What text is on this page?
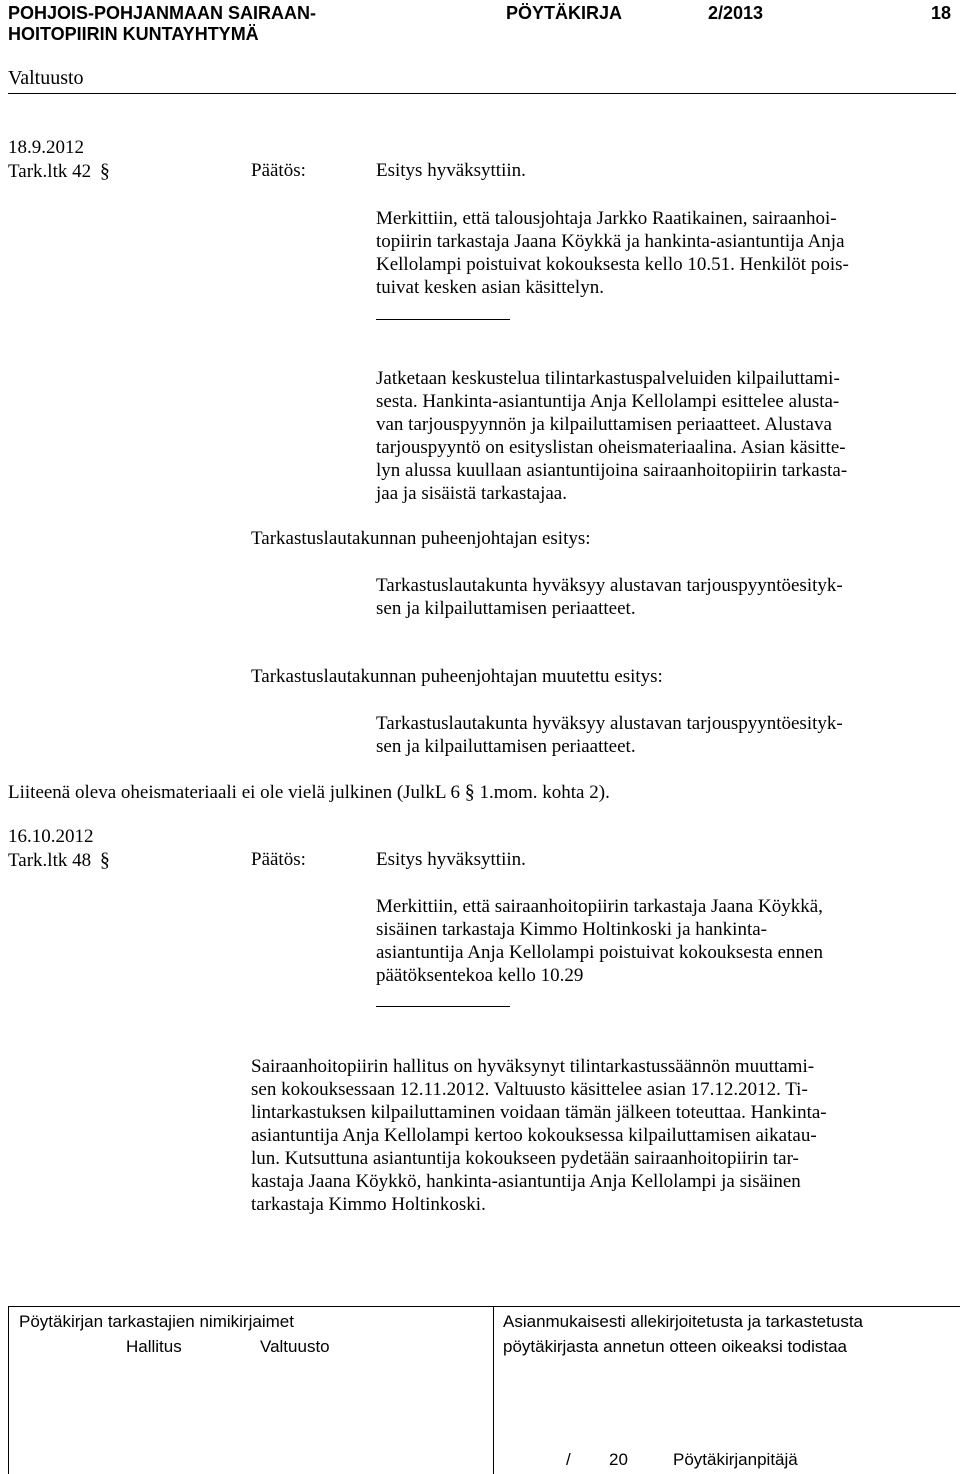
POHJOIS-POHJANMAAN SAIRAAN-
HOITOPIIRIN KUNTAYHTYMÄ
PÖYTÄKIRJA	2/2013	18
Valtuusto
18.9.2012
Tark.ltk 42 §	Päätös:	Esitys hyväksyttiin.
Merkittiin, että talousjohtaja Jarkko Raatikainen, sairaanhoi-
topiirin tarkastaja Jaana Köykkä ja hankinta-asiantuntija Anja
Kellolampi poistuivat kokouksesta kello 10.51. Henkilöt pois-
tuivat kesken asian käsittelyn.
Jatketaan keskustelua tilintarkastuspalveluiden kilpailuttami-
sesta. Hankinta-asiantuntija Anja Kellolampi esittelee alusta-
van tarjouspyynnön ja kilpailuttamisen periaatteet. Alustava
tarjouspyyntö on esityslistan oheismateriaalina. Asian käsitte-
lyn alussa kuullaan asiantuntijoina sairaanhoitopiirin tarkasta-
jaa ja sisäistä tarkastajaa.
Tarkastuslautakunnan puheenjohtajan esitys:
Tarkastuslautakunta hyväksyy alustavan tarjouspyyntöesityk-
sen ja kilpailuttamisen periaatteet.
Tarkastuslautakunnan puheenjohtajan muutettu esitys:
Tarkastuslautakunta hyväksyy alustavan tarjouspyyntöesityk-
sen ja kilpailuttamisen periaatteet.
Liiteenä oleva oheismateriaali ei ole vielä julkinen (JulkL 6 § 1.mom. kohta 2).
16.10.2012
Tark.ltk 48 §	Päätös:	Esitys hyväksyttiin.
Merkittiin, että sairaanhoitopiirin tarkastaja Jaana Köykkä,
sisäinen tarkastaja Kimmo Holtinkoski ja hankinta-
asiantuntija Anja Kellolampi poistuivat kokouksesta ennen
päätöksentekoa kello 10.29
Sairaanhoitopiirin hallitus on hyväksynyt tilintarkastussäännön muuttami-
sen kokouksessaan 12.11.2012. Valtuusto käsittelee asian 17.12.2012. Ti-
lintarkastuksen kilpailuttaminen voidaan tämän jälkeen toteuttaa. Hankinta-
asiantuntija Anja Kellolampi kertoo kokouksessa kilpailuttamisen aikatau-
lun. Kutsuttuna asiantuntija kokoukseen pydetään sairaanhoitopiirin tar-
kastaja Jaana Köykkö, hankinta-asiantuntija Anja Kellolampi ja sisäinen
tarkastaja Kimmo Holtinkoski.
Pöytäkirjan tarkastajien nimikirjaimet
Hallitus	Valtuusto
Asianmukaisesti allekirjoitetusta ja tarkastetusta
pöytäkirjasta annetun otteen oikeaksi todistaa
/ 20	Pöytäkirjanpitäjä
